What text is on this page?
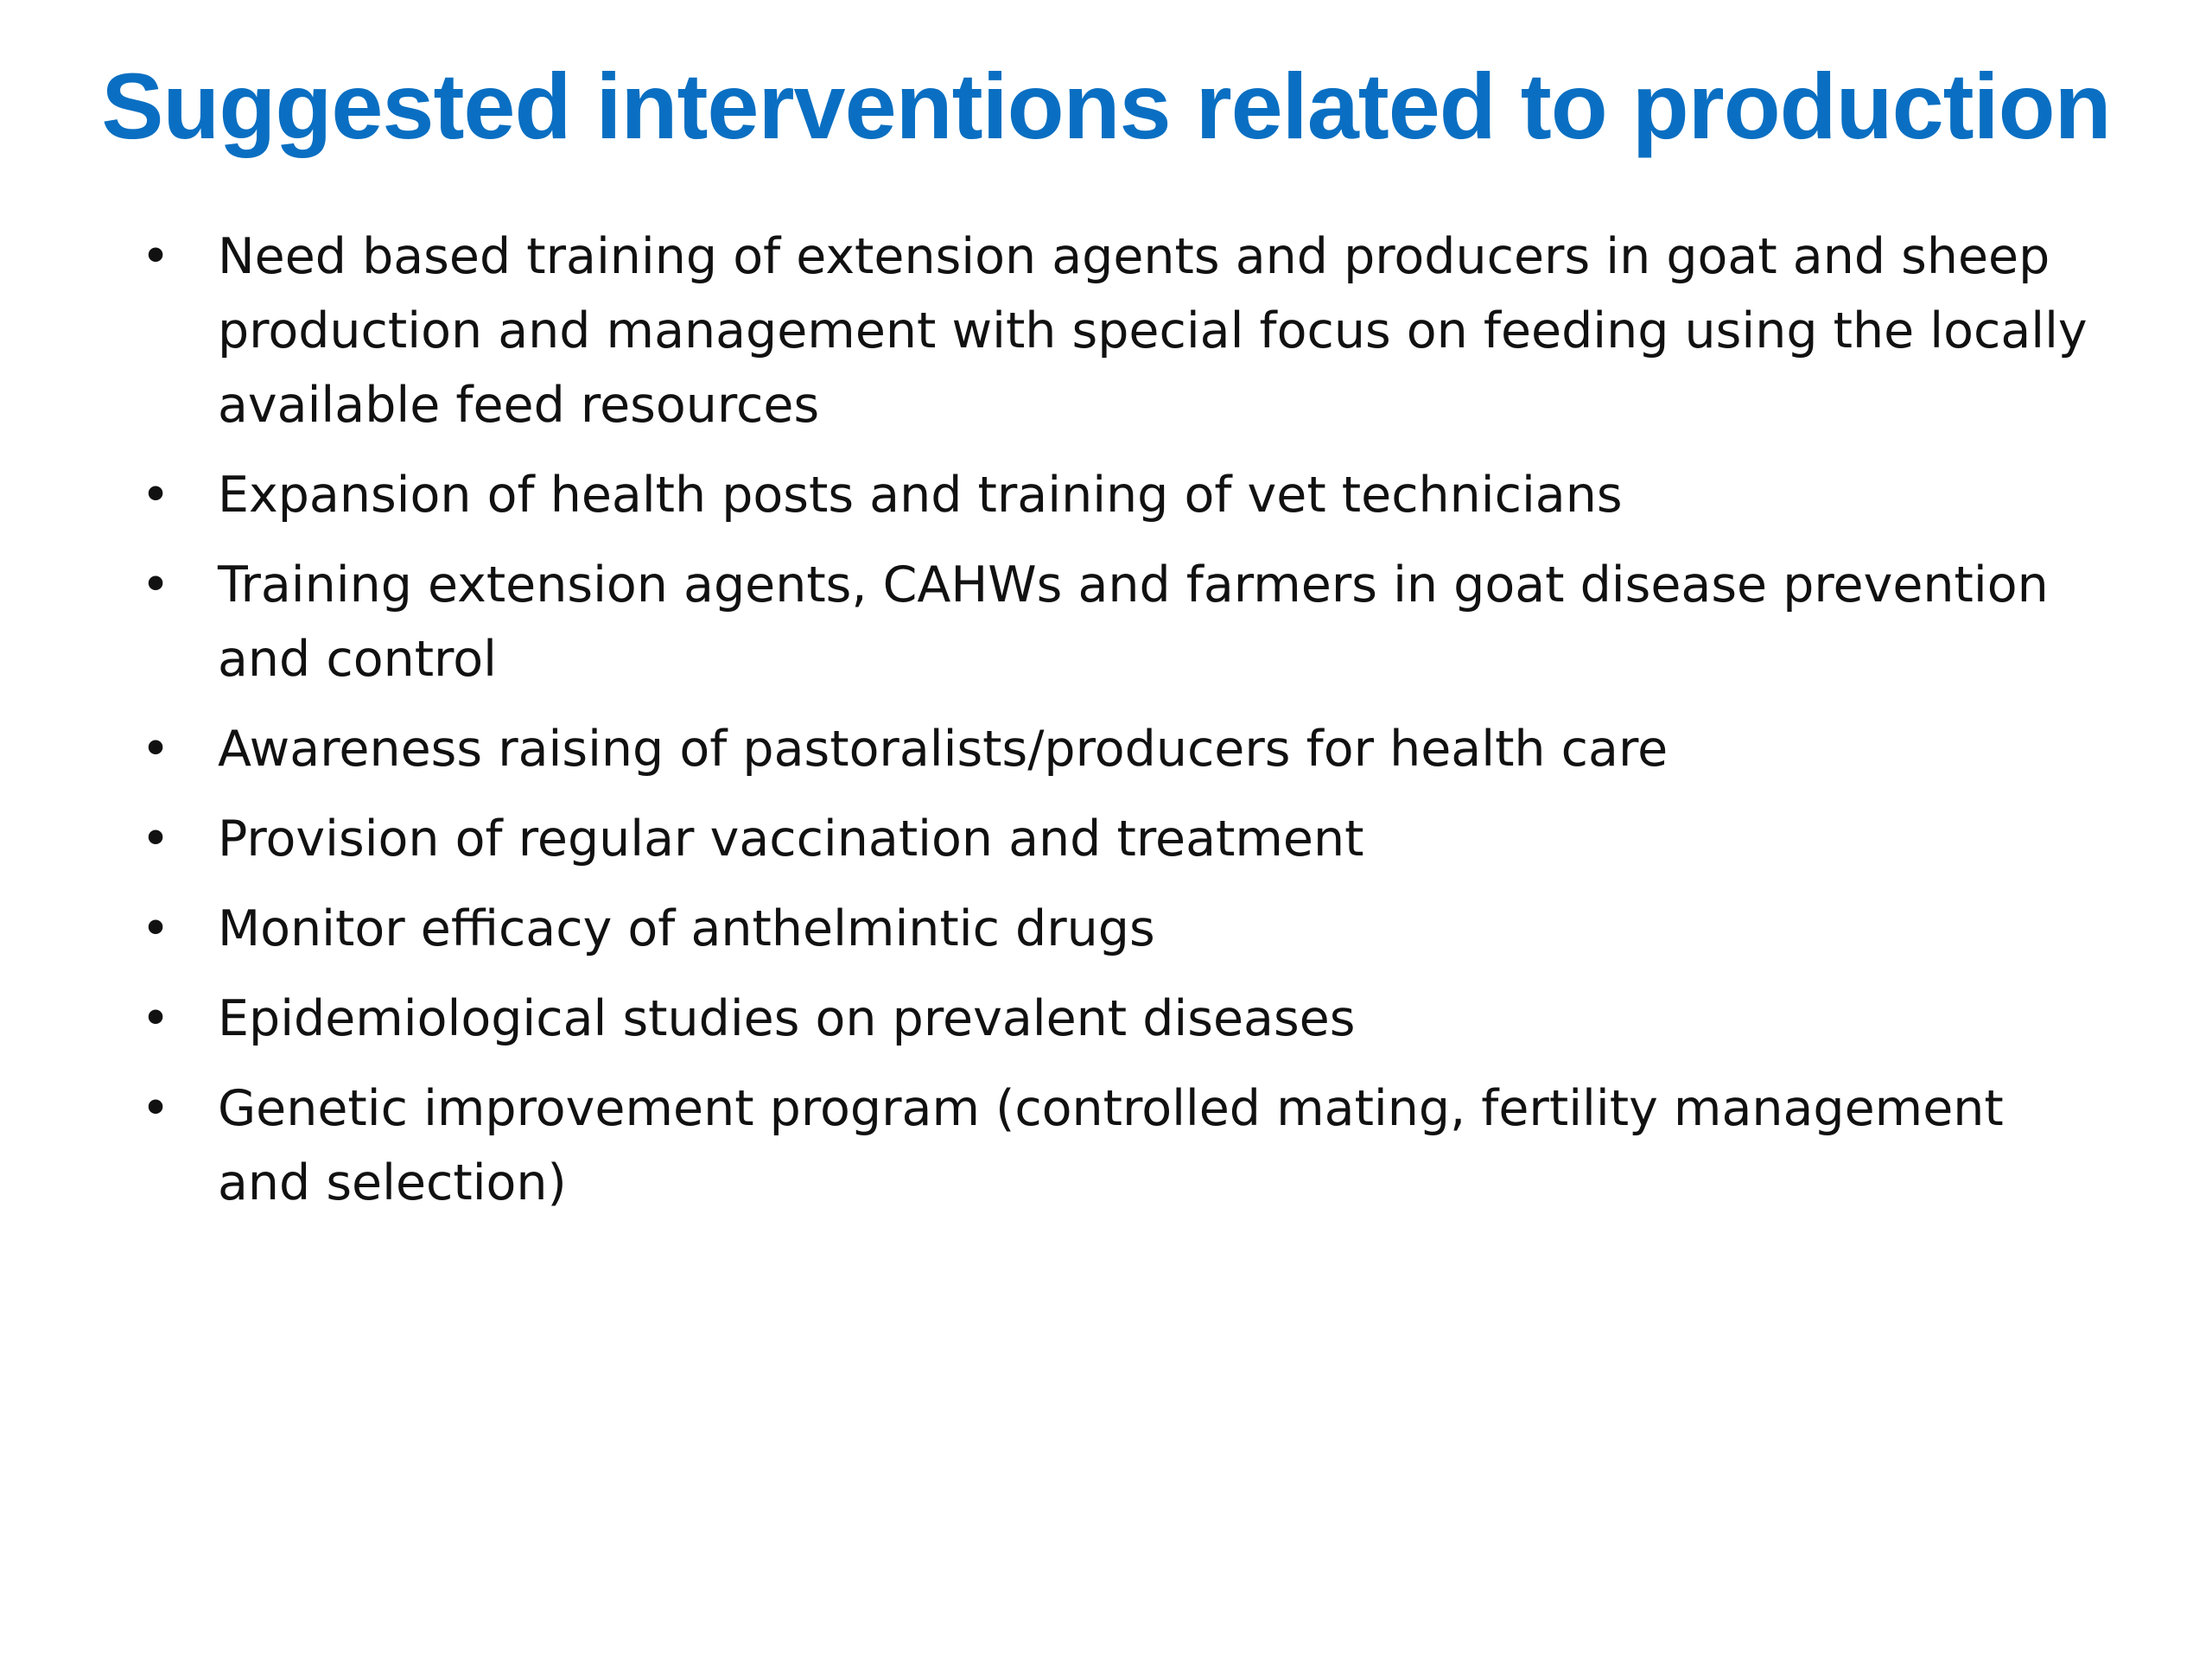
Suggested interventions related to production
• Need based training of extension agents and producers in goat and sheep production and management with special focus on feeding using the locally available feed resources
• Expansion of health posts and training of vet technicians
• Training extension agents, CAHWs and farmers in goat disease prevention and control
• Awareness raising of pastoralists/producers for health care
• Provision of regular vaccination and treatment
• Monitor efficacy of anthelmintic drugs
• Epidemiological studies on prevalent diseases
• Genetic improvement program (controlled mating, fertility management and selection)
